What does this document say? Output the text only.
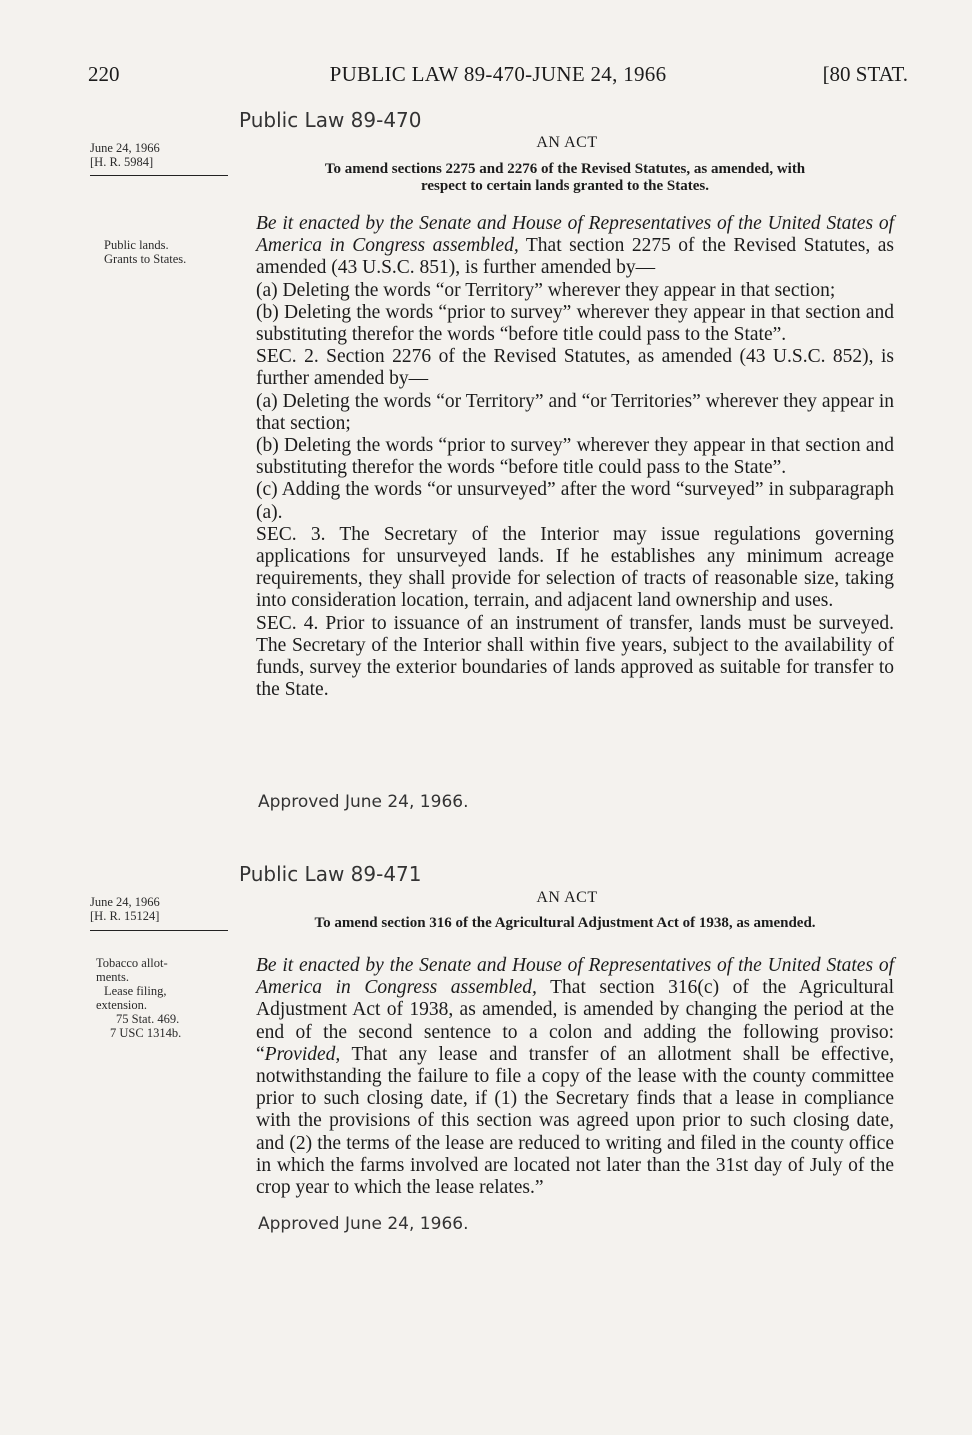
220	PUBLIC LAW 89-470-JUNE 24, 1966	[80 STAT.
Public Law 89-470
June 24, 1966
[H. R. 5984]
AN ACT
To amend sections 2275 and 2276 of the Revised Statutes, as amended, with
respect to certain lands granted to the States.
Public lands.
Grants to States.

Be it enacted by the Senate and House of Representatives of the United States of America in Congress assembled, That section 2275 of the Revised Statutes, as amended (43 U.S.C. 851), is further amended by—

(a) Deleting the words “or Territory” wherever they appear in that section;

(b) Deleting the words “prior to survey” wherever they appear in that section and substituting therefor the words “before title could pass to the State”.

SEC. 2. Section 2276 of the Revised Statutes, as amended (43 U.S.C. 852), is further amended by—

(a) Deleting the words “or Territory” and “or Territories” wherever they appear in that section;

(b) Deleting the words “prior to survey” wherever they appear in that section and substituting therefor the words “before title could pass to the State”.

(c) Adding the words “or unsurveyed” after the word “surveyed” in subparagraph (a).

SEC. 3. The Secretary of the Interior may issue regulations governing applications for unsurveyed lands. If he establishes any minimum acreage requirements, they shall provide for selection of tracts of reasonable size, taking into consideration location, terrain, and adjacent land ownership and uses.

SEC. 4. Prior to issuance of an instrument of transfer, lands must be surveyed. The Secretary of the Interior shall within five years, subject to the availability of funds, survey the exterior boundaries of lands approved as suitable for transfer to the State.

Approved June 24, 1966.
Public Law 89-471
June 24, 1966
[H. R. 15124]
AN ACT
To amend section 316 of the Agricultural Adjustment Act of 1938, as amended.
Tobacco allot-
ments.
Lease filing,
extension.
75 Stat. 469.
7 USC 1314b.

Be it enacted by the Senate and House of Representatives of the United States of America in Congress assembled, That section 316(c) of the Agricultural Adjustment Act of 1938, as amended, is amended by changing the period at the end of the second sentence to a colon and adding the following proviso: “Provided, That any lease and transfer of an allotment shall be effective, notwithstanding the failure to file a copy of the lease with the county committee prior to such closing date, if (1) the Secretary finds that a lease in compliance with the provisions of this section was agreed upon prior to such closing date, and (2) the terms of the lease are reduced to writing and filed in the county office in which the farms involved are located not later than the 31st day of July of the crop year to which the lease relates.”

Approved June 24, 1966.
